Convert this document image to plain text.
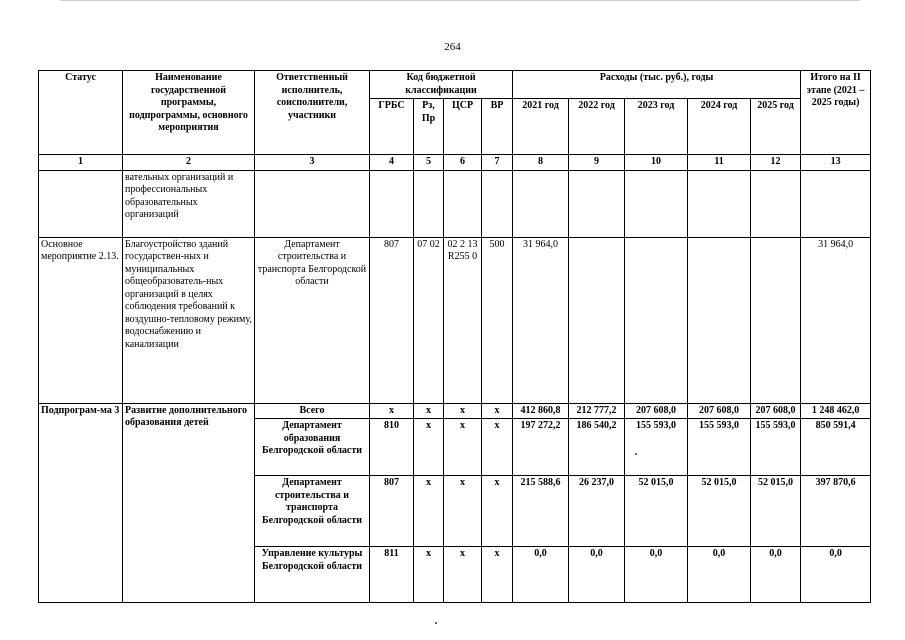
264
Статус	Наименование государственной программы, подпрограммы, основного мероприятия	Ответственный исполнитель, соисполнители, участники	Код бюджетной классификации				Расходы (тыс. руб.), годы					Итого на II этапе (2021 – 2025 годы)
			ГРБС	Рз, Пр	ЦСР	ВР	2021 год	2022 год	2023 год	2024 год	2025 год	
1	2	3	4	5	6	7	8	9	10	11	12	13
	вательных организаций и профессиональных образовательных организаций											
Основное мероприятие 2.13.	Благоустройство зданий государствен-ных и муниципальных общеобразователь-ных организаций в целях соблюдения требований к воздушно-тепловому режиму, водоснабжению и канализации	Департамент строительства и транспорта Белгородской области	807	07 02	02 2 13 R255 0	500	31 964,0					31 964,0
Подпрограм-ма 3	Развитие дополнительного образования детей	Всего	x	x	x	x	412 860,8	212 777,2	207 608,0	207 608,0	207 608,0	1 248 462,0
		Департамент образования Белгородской области	810	x	x	x	197 272,2	186 540,2	155 593,0	155 593,0	155 593,0	850 591,4
		Департамент строительства и транспорта Белгородской области	807	x	x	x	215 588,6	26 237,0	52 015,0	52 015,0	52 015,0	397 870,6
		Управление культуры Белгородской области	811	x	x	x	0,0	0,0	0,0	0,0	0,0	0,0
